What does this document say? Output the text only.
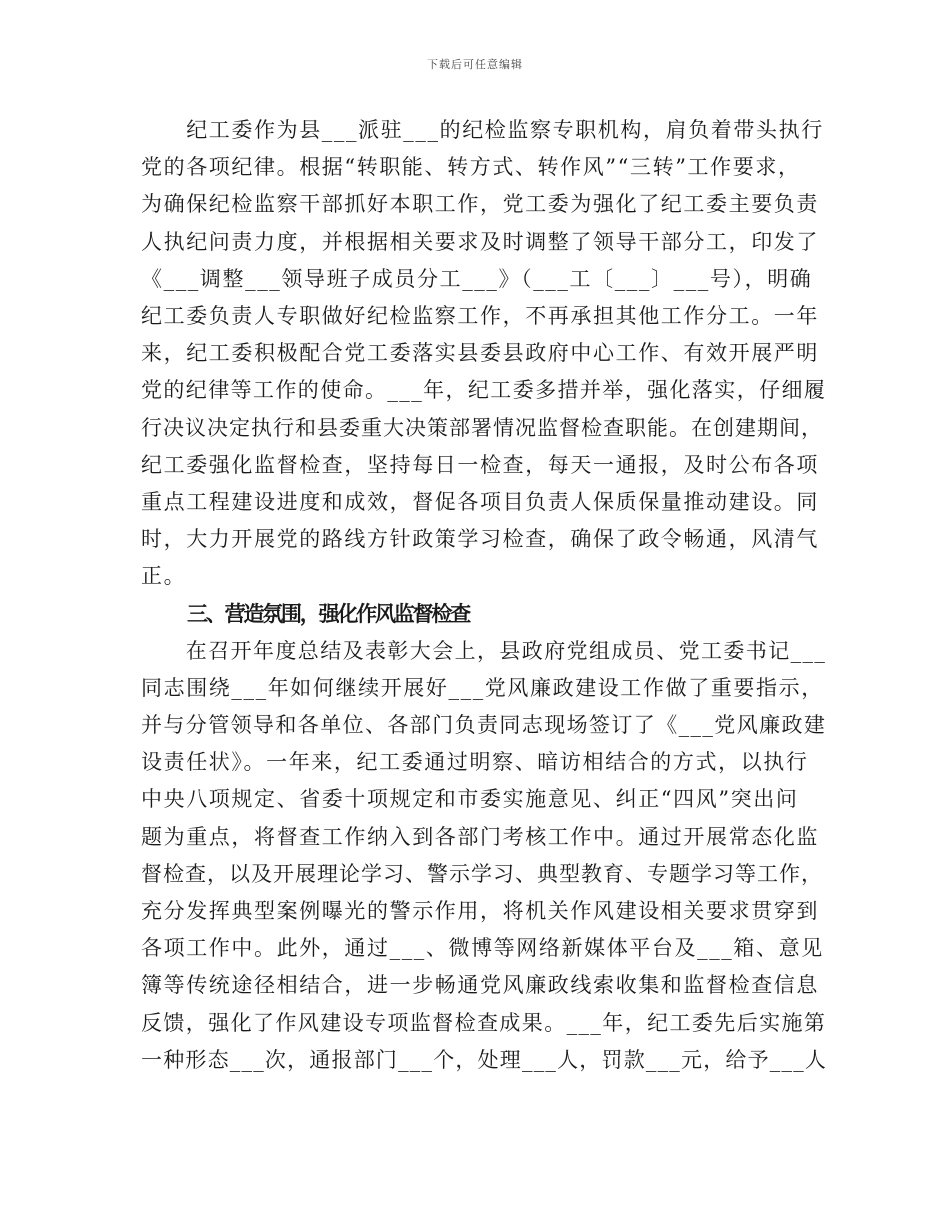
下载后可任意编辑
　　纪工委作为县___派驻___的纪检监察专职机构，肩负着带头执行
党的各项纪律。根据“转职能、转方式、转作风”“三转”工作要求，
为确保纪检监察干部抓好本职工作，党工委为强化了纪工委主要负责
人执纪问责力度，并根据相关要求及时调整了领导干部分工，印发了
《___调整___领导班子成员分工___》（___工〔___〕___号），明确
纪工委负责人专职做好纪检监察工作，不再承担其他工作分工。一年
来，纪工委积极配合党工委落实县委县政府中心工作、有效开展严明
党的纪律等工作的使命。___年，纪工委多措并举，强化落实，仔细履
行决议决定执行和县委重大决策部署情况监督检查职能。在创建期间，
纪工委强化监督检查，坚持每日一检查，每天一通报，及时公布各项
重点工程建设进度和成效，督促各项目负责人保质保量推动建设。同
时，大力开展党的路线方针政策学习检查，确保了政令畅通，风清气
正。
三、营造氛围，强化作风监督检查
　　在召开年度总结及表彰大会上，县政府党组成员、党工委书记___
同志围绕___年如何继续开展好___党风廉政建设工作做了重要指示，
并与分管领导和各单位、各部门负责同志现场签订了《___党风廉政建
设责任状》。一年来，纪工委通过明察、暗访相结合的方式，以执行
中央八项规定、省委十项规定和市委实施意见、纠正“四风”突出问
题为重点，将督查工作纳入到各部门考核工作中。通过开展常态化监
督检查，以及开展理论学习、警示学习、典型教育、专题学习等工作，
充分发挥典型案例曝光的警示作用，将机关作风建设相关要求贯穿到
各项工作中。此外，通过___、微博等网络新媒体平台及___箱、意见
簿等传统途径相结合，进一步畅通党风廉政线索收集和监督检查信息
反馈，强化了作风建设专项监督检查成果。___年，纪工委先后实施第
一种形态___次，通报部门___个，处理___人，罚款___元，给予___人
